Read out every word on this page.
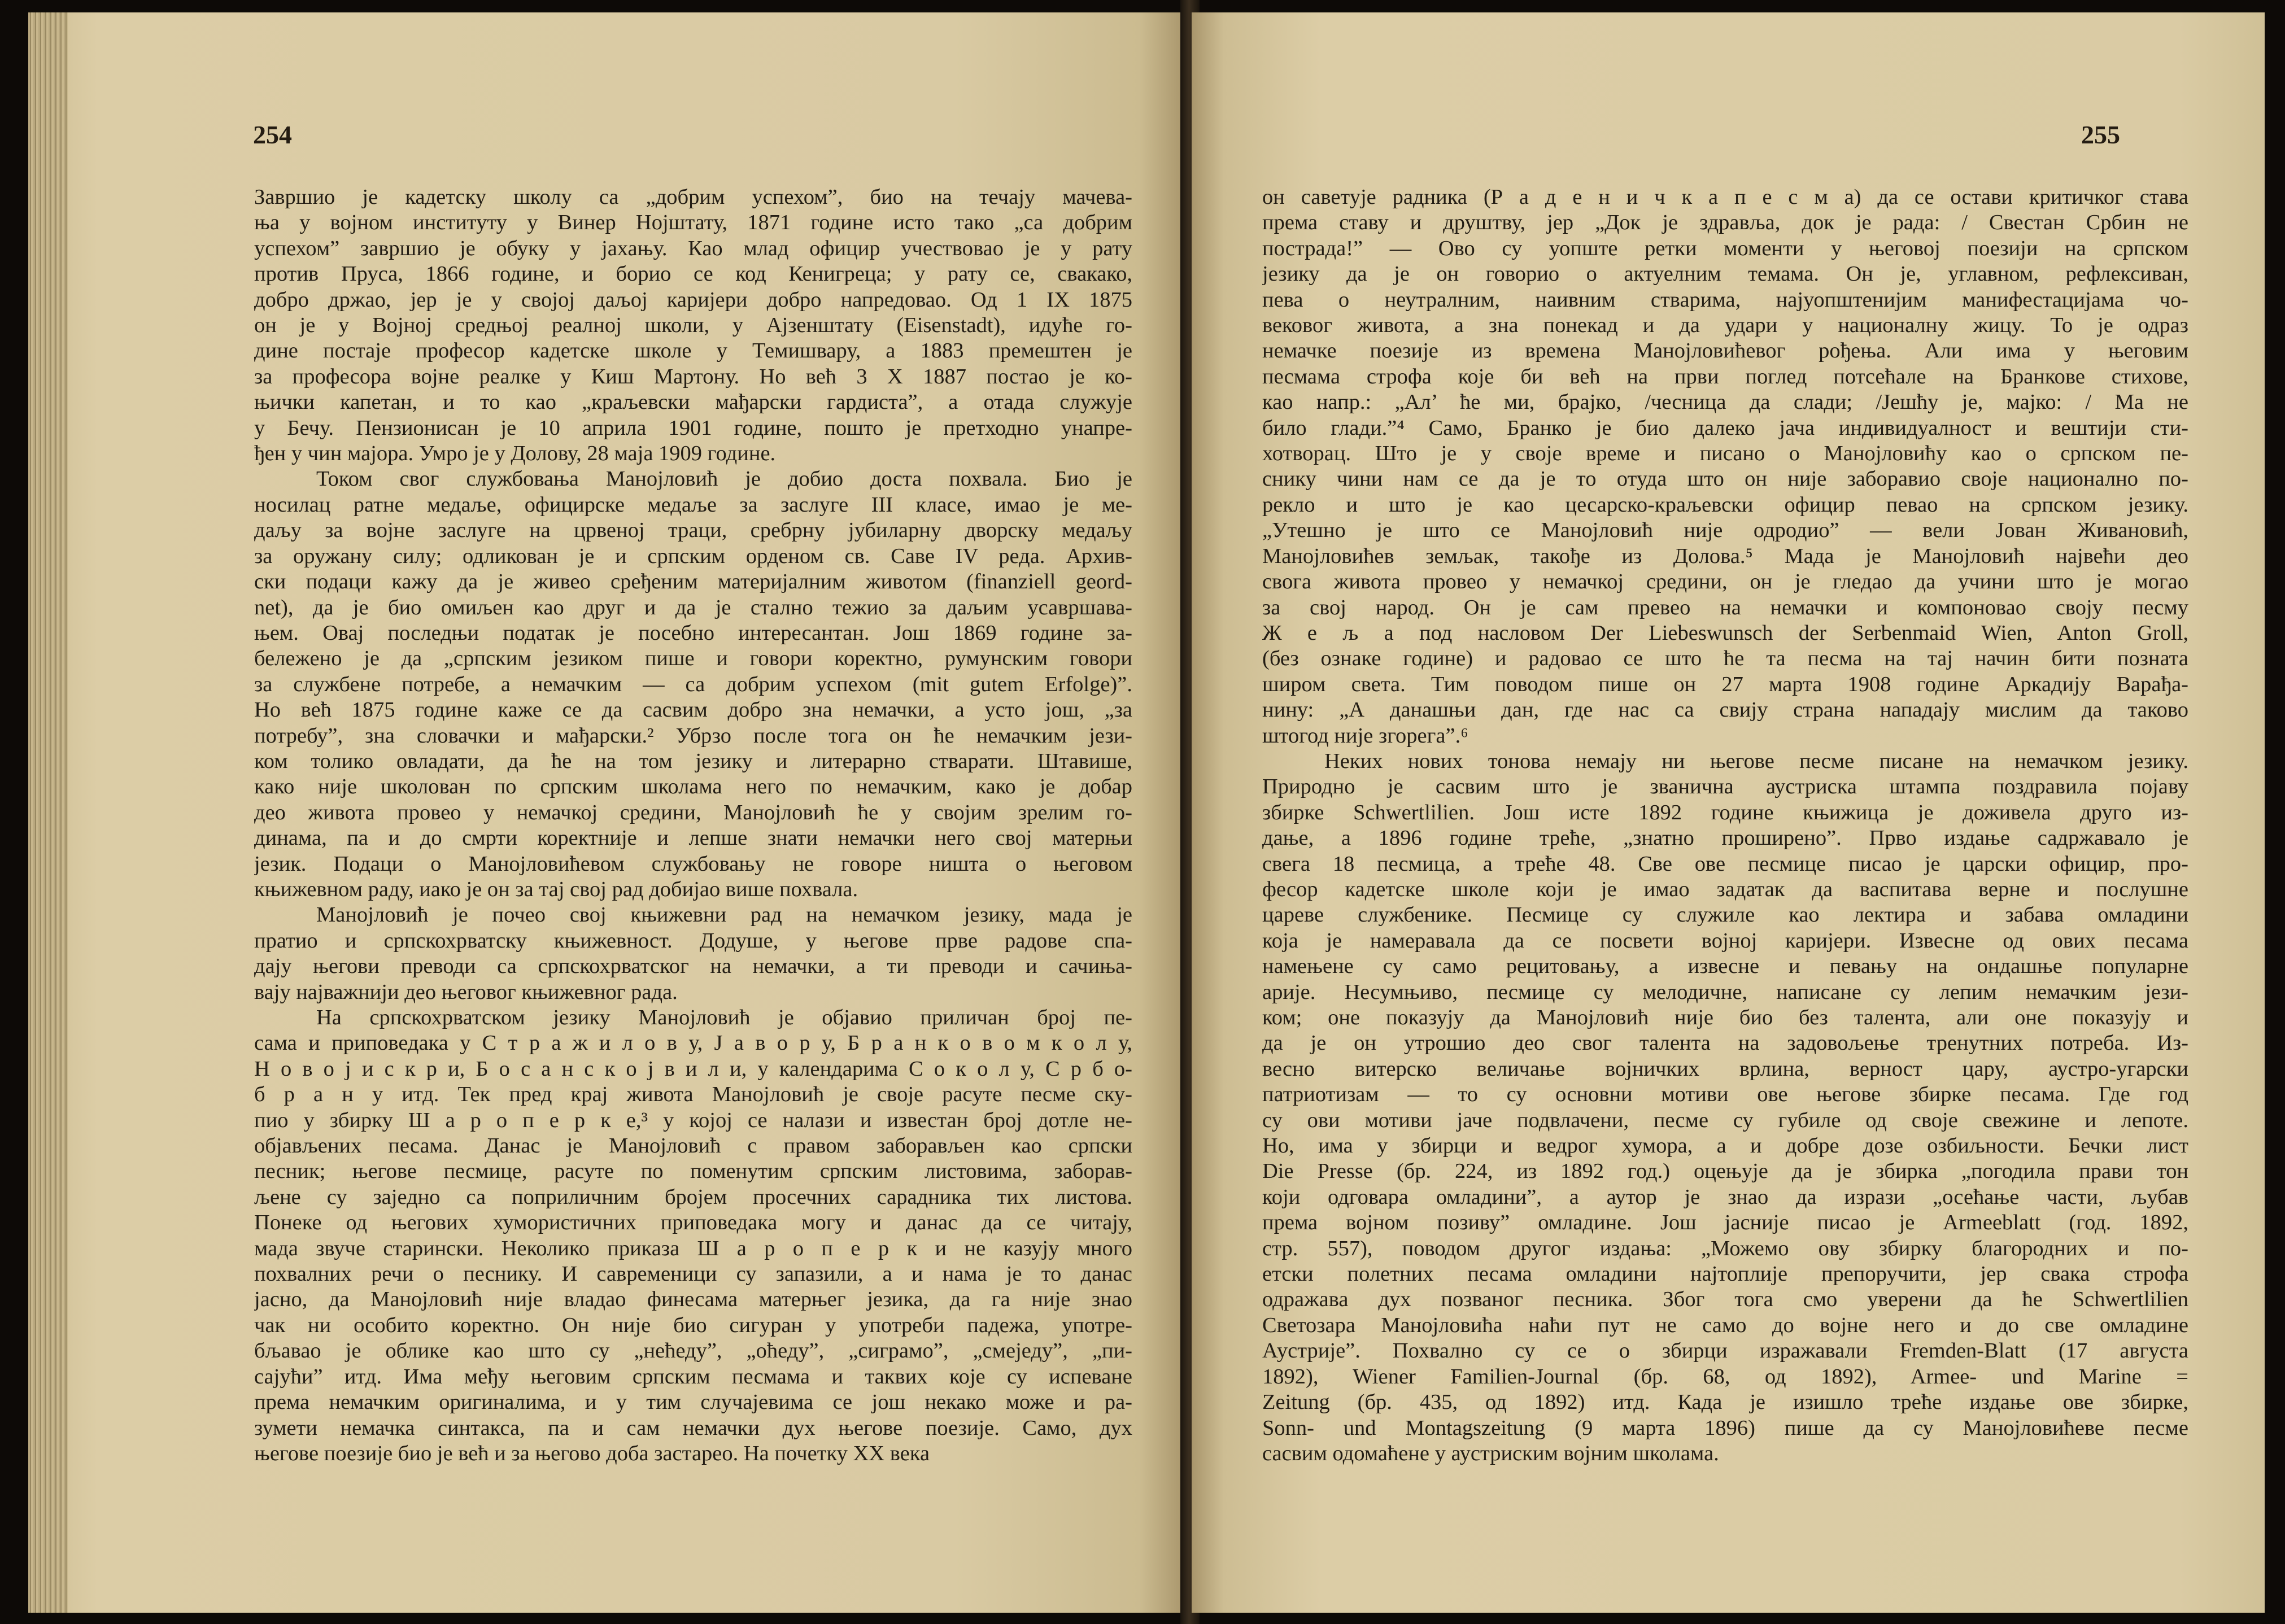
254

Завршио је кадетску школу са „добрим успехом”, био на течају мачева-
ња у војном институту у Винер Нојштату, 1871 године исто тако „са добрим
успехом” завршио је обуку у јахању. Као млад официр учествовао је у рату
против Пруса, 1866 године, и борио се код Кенигреца; у рату се, свакако,
добро држао, јер је у својој даљој каријери добро напредовао. Од 1 IX 1875
он је у Војној средњој реалној школи, у Ајзенштату (Eisenstadt), идуће го-
дине постаје професор кадетске школе у Темишвару, а 1883 премештен је
за професора војне реалке у Киш Мартону. Но већ 3 X 1887 постао је ко-
њички капетан, и то као „краљевски мађарски гардиста”, а отада служује
у Бечу. Пензионисан је 10 априла 1901 године, пошто је претходно унапре-
ђен у чин мајора. Умро је у Долову, 28 маја 1909 године.

Током свог службовања Манојловић је добио доста похвала. Био је
носилац ратне медаље, официрске медаље за заслуге III класе, имао је ме-
даљу за војне заслуге на црвеној траци, сребрну јубиларну дворску медаљу
за оружану силу; одликован је и српским орденом св. Саве IV реда. Архив-
ски подаци кажу да је живео сређеним материјалним животом (finanziell geord-
net), да је био омиљен као друг и да је стално тежио за даљим усавршава-
њем. Овај последњи податак је посебно интересантан. Још 1869 године за-
бележено је да „српским језиком пише и говори коректно, румунским говори
за службене потребе, а немачким — са добрим успехом (mit gutem Erfolge)”.
Но већ 1875 године каже се да сасвим добро зна немачки, а усто још, „за
потребу”, зна словачки и мађарски.² Убрзо после тога он ће немачким јези-
ком толико овладати, да ће на том језику и литерарно стварати. Штавише,
како није школован по српским школама него по немачким, како је добар
део живота провео у немачкој средини, Манојловић ће у својим зрелим го-
динама, па и до смрти коректније и лепше знати немачки него свој матерњи
језик. Подаци о Манојловићевом службовању не говоре ништа о његовом
књижевном раду, иако је он за тај свој рад добијао више похвала.

Манојловић је почео свој књижевни рад на немачком језику, мада је
пратио и српскохрватску књижевност. Додуше, у његове прве радове спа-
дају његови преводи са српскохрватског на немачки, а ти преводи и сачиња-
вају најважнији део његовог књижевног рада.

На српскохрватском језику Манојловић је објавио приличан број пе-
сама и приповедака у С т р а ж и л о в у, Ј а в о р у, Б р а н к о в о м к о л у,
Н о в о ј и с к р и, Б о с а н с к о ј в и л и, у календарима С о к о л у, С р б о-
б р а н у итд. Тек пред крај живота Манојловић је своје расуте песме ску-
пио у збирку Ш а р о п е р к е,³ у којој се налази и известан број дотле не-
објављених песама. Данас је Манојловић с правом заборављен као српски
песник; његове песмице, расуте по поменутим српским листовима, заборав-
љене су заједно са поприличним бројем просечних сарадника тих листова.
Понеке од његових хумористичних приповедака могу и данас да се читају,
мада звуче старински. Неколико приказа Ш а р о п е р к и не казују много
похвалних речи о песнику. И савременици су запазили, а и нама је то данас
јасно, да Манојловић није владао финесама матерњег језика, да га није знао
чак ни особито коректно. Он није био сигуран у употреби падежа, употре-
бљавао је облике као што су „нећеду”, „оћеду”, „сиграмо”, „смеједу”, „пи-
сајући” итд. Има међу његовим српским песмама и таквих које су испеване
према немачким оригиналима, и у тим случајевима се још некако може и ра-
зумети немачка синтакса, па и сам немачки дух његове поезије. Само, дух
његове поезије био је већ и за његово доба застарео. На почетку XX века

255

он саветује радника (Р а д е н и ч к а п е с м а) да се остави критичког става
према ставу и друштву, јер „Док је здравља, док је рада: / Свестан Србин не
пострада!” — Ово су уопште ретки моменти у његовој поезији на српском
језику да је он говорио о актуелним темама. Он је, углавном, рефлексиван,
пева о неутралним, наивним стварима, најуопштенијим манифестацијама чо-
вековог живота, а зна понекад и да удари у националну жицу. То је одраз
немачке поезије из времена Манојловићевог рођења. Али има у његовим
песмама строфа које би већ на први поглед потсећале на Бранкове стихове,
као напр.: „Ал’ ће ми, брајко, /чесница да слади; /Јешћу је, мајко: / Ма не
било глади.”⁴ Само, Бранко је био далеко јача индивидуалност и вештији сти-
хотворац. Што је у своје време и писано о Манојловићу као о српском пе-
снику чини нам се да је то отуда што он није заборавио своје национално по-
рекло и што је као цесарско-краљевски официр певао на српском језику.
„Утешно је што се Манојловић није одродио” — вели Јован Живановић,
Манојловићев земљак, такође из Долова.⁵ Мада је Манојловић највећи део
свога живота провео у немачкој средини, он је гледао да учини што је могао
за свој народ. Он је сам превео на немачки и компоновао своју песму
Ж е љ а под насловом Der Liebeswunsch der Serbenmaid Wien, Anton Groll,
(без ознаке године) и радовао се што ће та песма на тај начин бити позната
широм света. Тим поводом пише он 27 марта 1908 године Аркадију Варађа-
нину: „А данашњи дан, где нас са свију страна нападају мислим да таково
штогод није згорега”.⁶

Неких нових тонова немају ни његове песме писане на немачком језику.
Природно је сасвим што је званична аустриска штампа поздравила појаву
збирке Schwertlilien. Још исте 1892 године књижица је доживела друго из-
дање, а 1896 године треће, „знатно проширено”. Прво издање садржавало је
свега 18 песмица, а треће 48. Све ове песмице писао је царски официр, про-
фесор кадетске школе који је имао задатак да васпитава верне и послушне
цареве службенике. Песмице су служиле као лектира и забава омладини
која је намеравала да се посвети војној каријери. Извесне од ових песама
намењене су само рецитовању, а извесне и певању на ондашње популарне
арије. Несумњиво, песмице су мелодичне, написане су лепим немачким јези-
ком; оне показују да Манојловић није био без талента, али оне показују и
да је он утрошио део свог талента на задовољење тренутних потреба. Из-
весно витерско величање војничких врлина, верност цару, аустро-угарски
патриотизам — то су основни мотиви ове његове збирке песама. Где год
су ови мотиви јаче подвлачени, песме су губиле од своје свежине и лепоте.
Но, има у збирци и ведрог хумора, а и добре дозе озбиљности. Бечки лист
Die Presse (бр. 224, из 1892 год.) оцењује да је збирка „погодила прави тон
који одговара омладини”, а аутор је знао да изрази „осећање части, љубав
према војном позиву” омладине. Још јасније писао је Armeeblatt (год. 1892,
стр. 557), поводом другог издања: „Можемо ову збирку благородних и по-
етски полетних песама омладини најтоплије препоручити, јер свака строфа
одражава дух позваног песника. Због тога смо уверени да ће Schwertlilien
Светозара Манојловића наћи пут не само до војне него и до све омладине
Аустрије”. Похвално су се о збирци изражавали Fremden-Blatt (17 августа
1892), Wiener Familien-Journal (бр. 68, од 1892), Armee- und Marine =
Zeitung (бр. 435, од 1892) итд. Када је изишло треће издање ове збирке,
Sonn- und Montagszeitung (9 марта 1896) пише да су Манојловићеве песме
сасвим одомаћене у аустриским војним школама.
